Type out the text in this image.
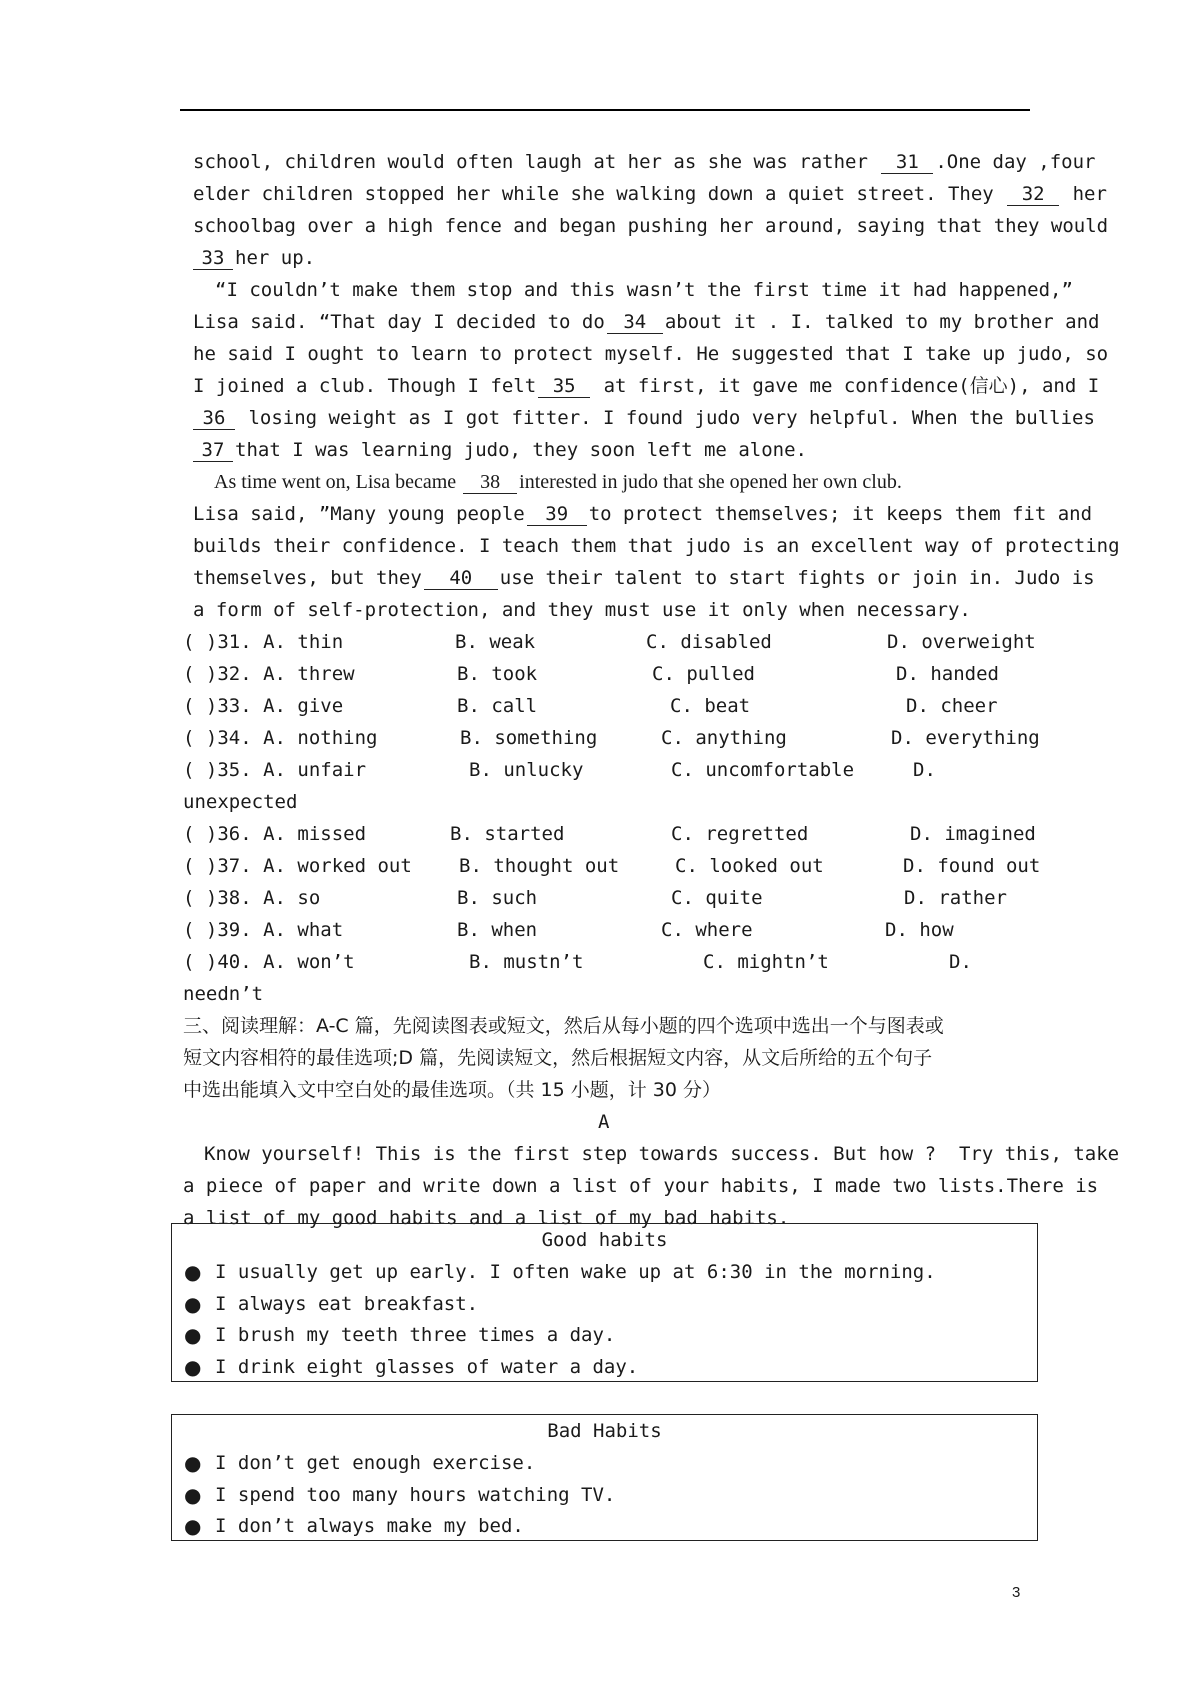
school, children would often laugh at her as she was rather 31 .One day ,four
elder children stopped her while she walking down a quiet street. They 32 her
schoolbag over a high fence and began pushing her around, saying that they would
33 her up.
“I couldn’t make them stop and this wasn’t the first time it had happened,”
Lisa said. “That day I decided to do 34 about it . I. talked to my brother and
he said I ought to learn to protect myself. He suggested that I take up judo, so
I joined a club. Though I felt 35 at first, it gave me confidence(信心), and I
36 losing weight as I got fitter. I found judo very helpful. When the bullies
37 that I was learning judo, they soon left me alone.
As time went on, Lisa became 38 interested in judo that she opened her own club.
Lisa said, ”Many young people 39 to protect themselves; it keeps them fit and
builds their confidence. I teach them that judo is an excellent way of protecting
themselves, but they 40 use their talent to start fights or join in. Judo is
a form of self-protection, and they must use it only when necessary.
( )31. A. thin	B. weak	C. disabled	D. overweight
( )32. A. threw	B. took	C. pulled	D. handed
( )33. A. give	B. call	C. beat	D. cheer
( )34. A. nothing	B. something	C. anything	D. everything
( )35. A. unfair	B. unlucky	C. uncomfortable	D.
unexpected
( )36. A. missed	B. started	C. regretted	D. imagined
( )37. A. worked out B. thought out	C. looked out	D. found out
( )38. A. so	B. such	C. quite	D. rather
( )39. A. what	B. when	C. where	D. how
( )40. A. won’t	B. mustn’t	C. mightn’t	D.
needn’t
三、阅读理解：A-C 篇，先阅读图表或短文，然后从每小题的四个选项中选出一个与图表或
短文内容相符的最佳选项;D 篇，先阅读短文，然后根据短文内容，从文后所给的五个句子
中选出能填入文中空白处的最佳选项。（共 15 小题，计 30 分）
A
Know yourself! This is the first step towards success. But how ?  Try this, take
a piece of paper and write down a list of your habits, I made two lists.There is
a list of my good habits and a list of my bad habits.
Good habits
● I usually get up early. I often wake up at 6:30 in the morning.
● I always eat breakfast.
● I brush my teeth three times a day.
● I drink eight glasses of water a day.
Bad Habits
● I don’t get enough exercise.
● I spend too many hours watching TV.
● I don’t always make my bed.
3
